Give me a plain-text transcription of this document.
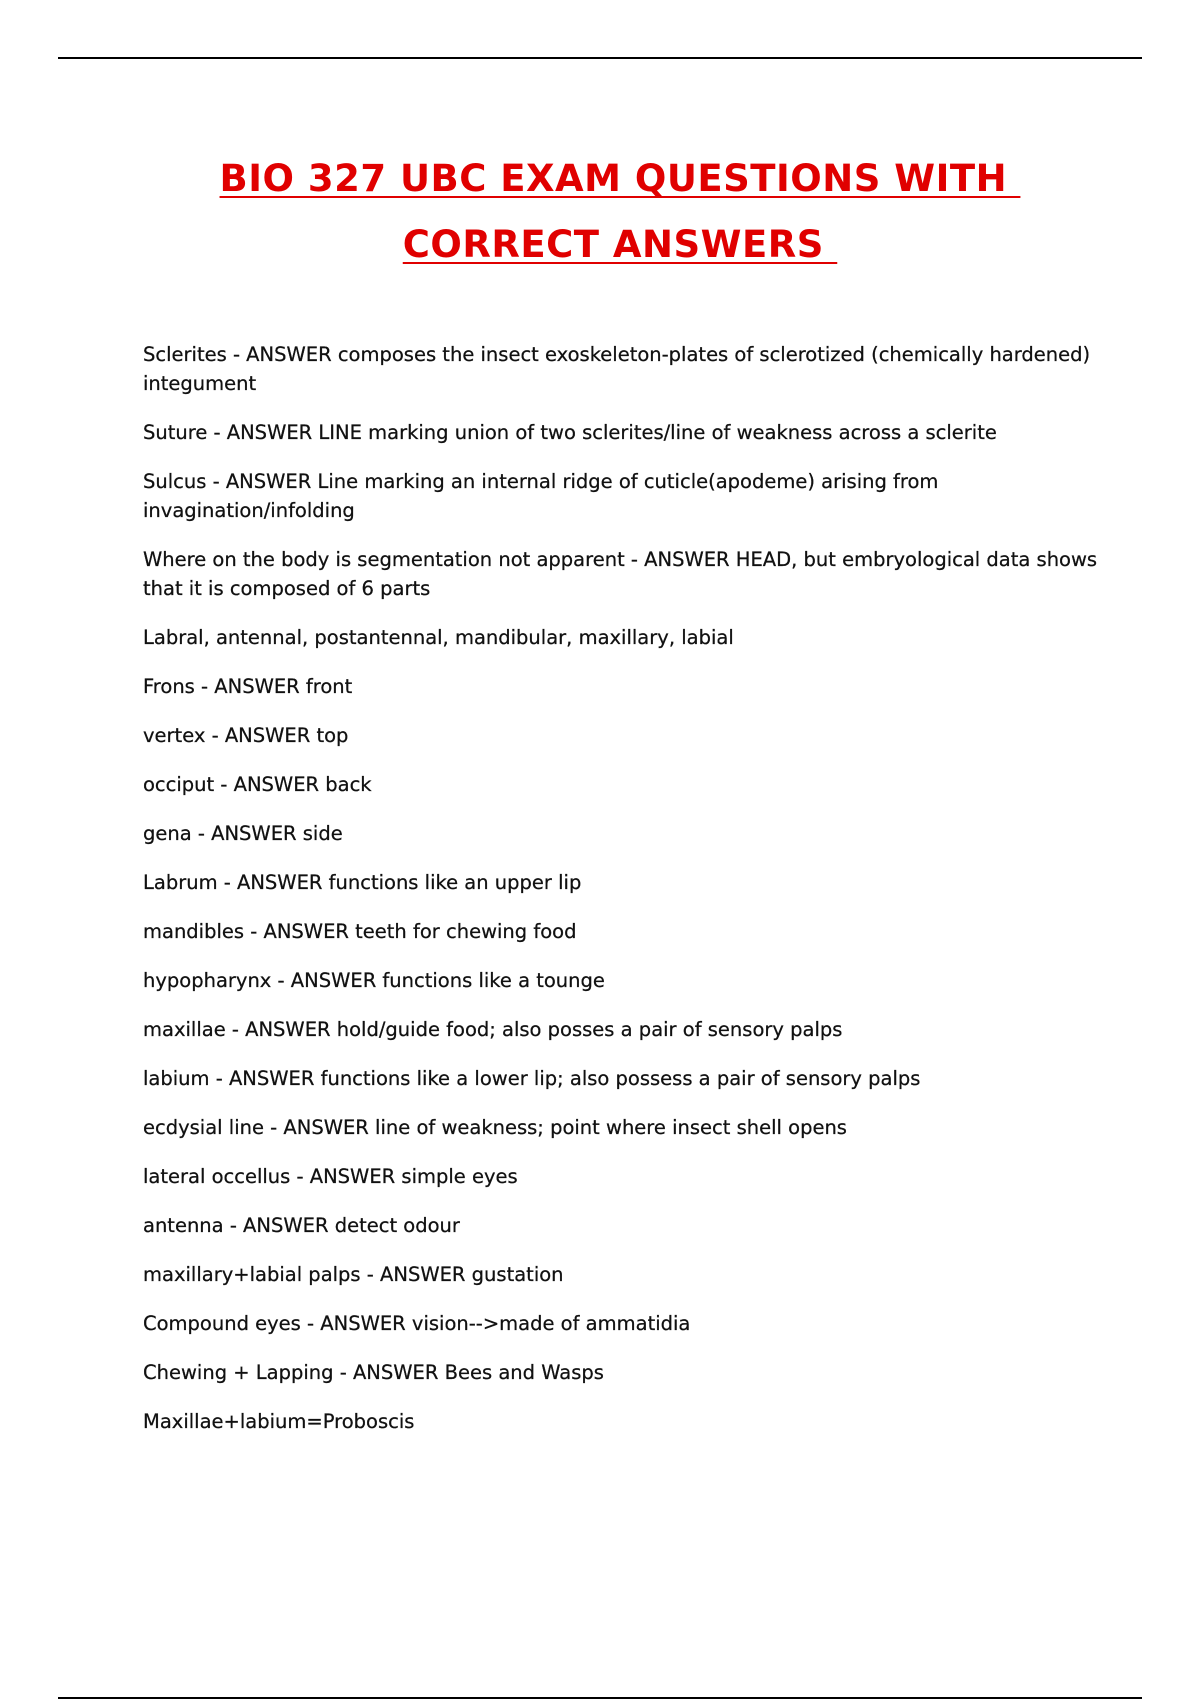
BIO 327 UBC EXAM QUESTIONS WITH
CORRECT ANSWERS
Sclerites - ANSWER composes the insect exoskeleton-plates of sclerotized (chemically hardened) integument
Suture - ANSWER LINE marking union of two sclerites/line of weakness across a sclerite
Sulcus - ANSWER Line marking an internal ridge of cuticle(apodeme) arising from invagination/infolding
Where on the body is segmentation not apparent - ANSWER HEAD, but embryological data shows that it is composed of 6 parts
Labral, antennal, postantennal, mandibular, maxillary, labial
Frons - ANSWER front
vertex - ANSWER top
occiput - ANSWER back
gena - ANSWER side
Labrum - ANSWER functions like an upper lip
mandibles - ANSWER teeth for chewing food
hypopharynx - ANSWER functions like a tounge
maxillae - ANSWER hold/guide food; also posses a pair of sensory palps
labium - ANSWER functions like a lower lip; also possess a pair of sensory palps
ecdysial line - ANSWER line of weakness; point where insect shell opens
lateral occellus - ANSWER simple eyes
antenna - ANSWER detect odour
maxillary+labial palps - ANSWER gustation
Compound eyes - ANSWER vision-->made of ammatidia
Chewing + Lapping - ANSWER Bees and Wasps
Maxillae+labium=Proboscis
